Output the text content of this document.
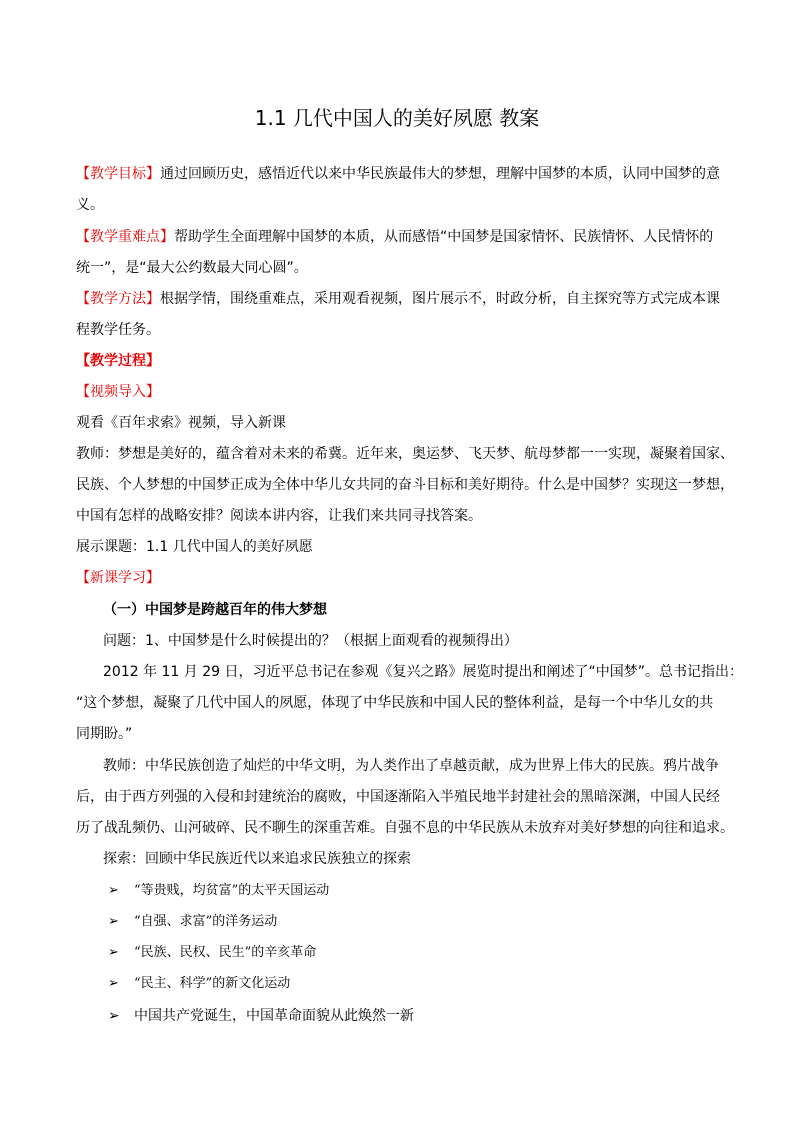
1.1 几代中国人的美好夙愿 教案
【教学目标】通过回顾历史，感悟近代以来中华民族最伟大的梦想，理解中国梦的本质，认同中国梦的意
义。
【教学重难点】帮助学生全面理解中国梦的本质，从而感悟“中国梦是国家情怀、民族情怀、人民情怀的
统一”，是“最大公约数最大同心圆”。
【教学方法】根据学情，围绕重难点，采用观看视频，图片展示不，时政分析，自主探究等方式完成本课
程教学任务。
【教学过程】
【视频导入】
观看《百年求索》视频，导入新课
教师：梦想是美好的，蕴含着对未来的希冀。近年来，奥运梦、飞天梦、航母梦都一一实现，凝聚着国家、
民族、个人梦想的中国梦正成为全体中华儿女共同的奋斗目标和美好期待。什么是中国梦？实现这一梦想，
中国有怎样的战略安排？阅读本讲内容，让我们来共同寻找答案。
展示课题：1.1 几代中国人的美好夙愿
【新课学习】
（一）中国梦是跨越百年的伟大梦想
问题：1、中国梦是什么时候提出的？（根据上面观看的视频得出）
2012 年 11 月 29 日，习近平总书记在参观《复兴之路》展览时提出和阐述了“中国梦”。总书记指出：
“这个梦想，凝聚了几代中国人的夙愿，体现了中华民族和中国人民的整体利益，是每一个中华儿女的共
同期盼。”
教师：中华民族创造了灿烂的中华文明，为人类作出了卓越贡献，成为世界上伟大的民族。鸦片战争
后，由于西方列强的入侵和封建统治的腐败，中国逐渐陷入半殖民地半封建社会的黑暗深渊，中国人民经
历了战乱频仍、山河破碎、民不聊生的深重苦难。自强不息的中华民族从未放弃对美好梦想的向往和追求。
探索：回顾中华民族近代以来追求民族独立的探索
➢ “等贵贱，均贫富”的太平天国运动
➢ “自强、求富”的洋务运动
➢ “民族、民权、民生”的辛亥革命
➢ “民主、科学”的新文化运动
➢ 中国共产党诞生，中国革命面貌从此焕然一新
